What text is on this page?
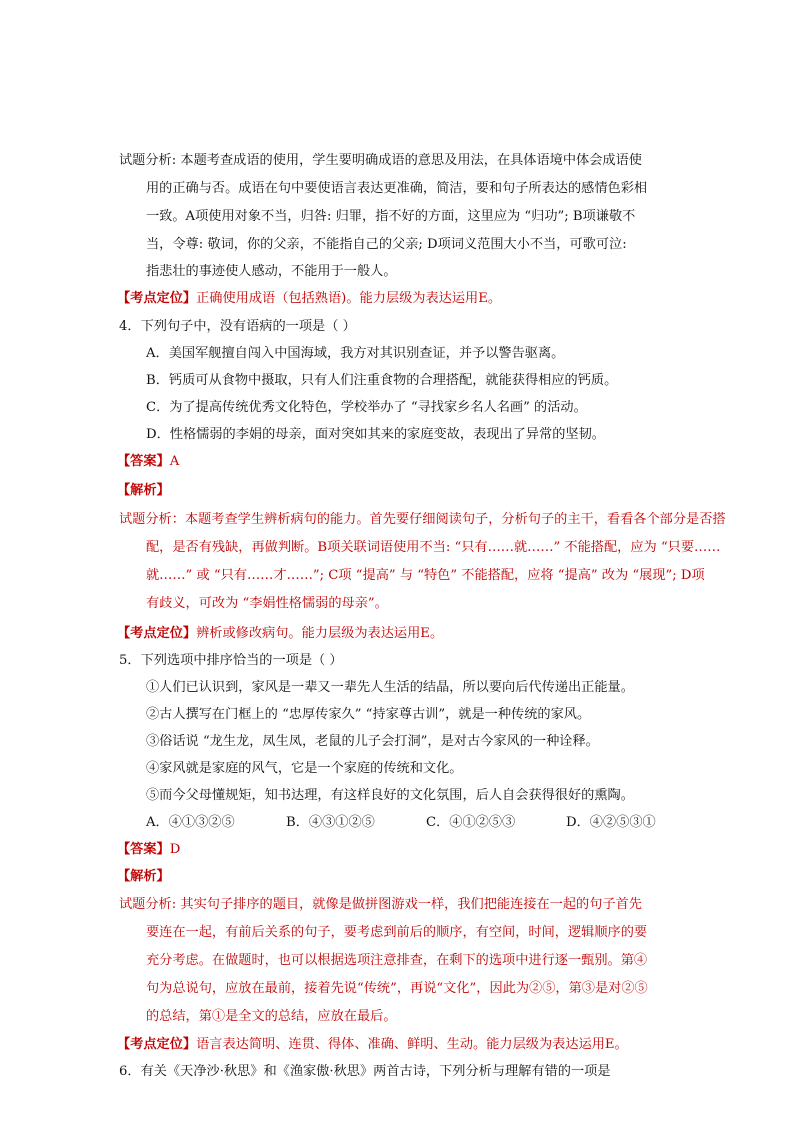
试题分析: 本题考查成语的使用，学生要明确成语的意思及用法，在具体语境中体会成语使
用的正确与否。成语在句中要使语言表达更准确，简洁，要和句子所表达的感情色彩相
一致。A项使用对象不当，归咎: 归罪，指不好的方面，这里应为 “归功”; B项谦敬不
当，令尊: 敬词，你的父亲，不能指自己的父亲; D项词义范围大小不当，可歌可泣:
指悲壮的事迹使人感动，不能用于一般人。
【考点定位】正确使用成语（包括熟语)。能力层级为表达运用E。
4．下列句子中，没有语病的一项是（ ）
A．美国军舰擅自闯入中国海域，我方对其识别查证，并予以警告驱离。
B．钙质可从食物中摄取，只有人们注重食物的合理搭配，就能获得相应的钙质。
C．为了提高传统优秀文化特色，学校举办了 “寻找家乡名人名画” 的活动。
D．性格懦弱的李娟的母亲，面对突如其来的家庭变故，表现出了异常的坚韧。
【答案】A
【解析】
试题分析：本题考查学生辨析病句的能力。首先要仔细阅读句子，分析句子的主干，看看各个部分是否搭
配，是否有残缺，再做判断。B项关联词语使用不当: “只有……就……” 不能搭配，应为 “只要……
就……” 或 “只有……才……”; C项 “提高” 与 “特色” 不能搭配，应将 “提高” 改为 “展现”; D项
有歧义，可改为 “李娟性格懦弱的母亲”。
【考点定位】辨析或修改病句。能力层级为表达运用E。
5．下列选项中排序恰当的一项是（ ）
①人们已认识到，家风是一辈又一辈先人生活的结晶，所以要向后代传递出正能量。
②古人撰写在门框上的 “忠厚传家久” “持家尊古训”，就是一种传统的家风。
③俗话说 “龙生龙，凤生凤，老鼠的儿子会打洞”，是对古今家风的一种诠释。
④家风就是家庭的风气，它是一个家庭的传统和文化。
⑤而今父母懂规矩，知书达理，有这样良好的文化氛围，后人自会获得很好的熏陶。
A．④①③②⑤	B．④③①②⑤	C．④①②⑤③	D．④②⑤③①
【答案】D
【解析】
试题分析: 其实句子排序的题目，就像是做拼图游戏一样，我们把能连接在一起的句子首先
要连在一起，有前后关系的句子，要考虑到前后的顺序，有空间，时间，逻辑顺序的要
充分考虑。在做题时，也可以根据选项注意排查，在剩下的选项中进行逐一甄别。第④
句为总说句，应放在最前，接着先说“传统”，再说“文化”，因此为②⑤，第③是对②⑤
的总结，第①是全文的总结，应放在最后。
【考点定位】语言表达简明、连贯、得体、准确、鲜明、生动。能力层级为表达运用E。
6．有关《天净沙·秋思》和《渔家傲·秋思》两首古诗，下列分析与理解有错的一项是
